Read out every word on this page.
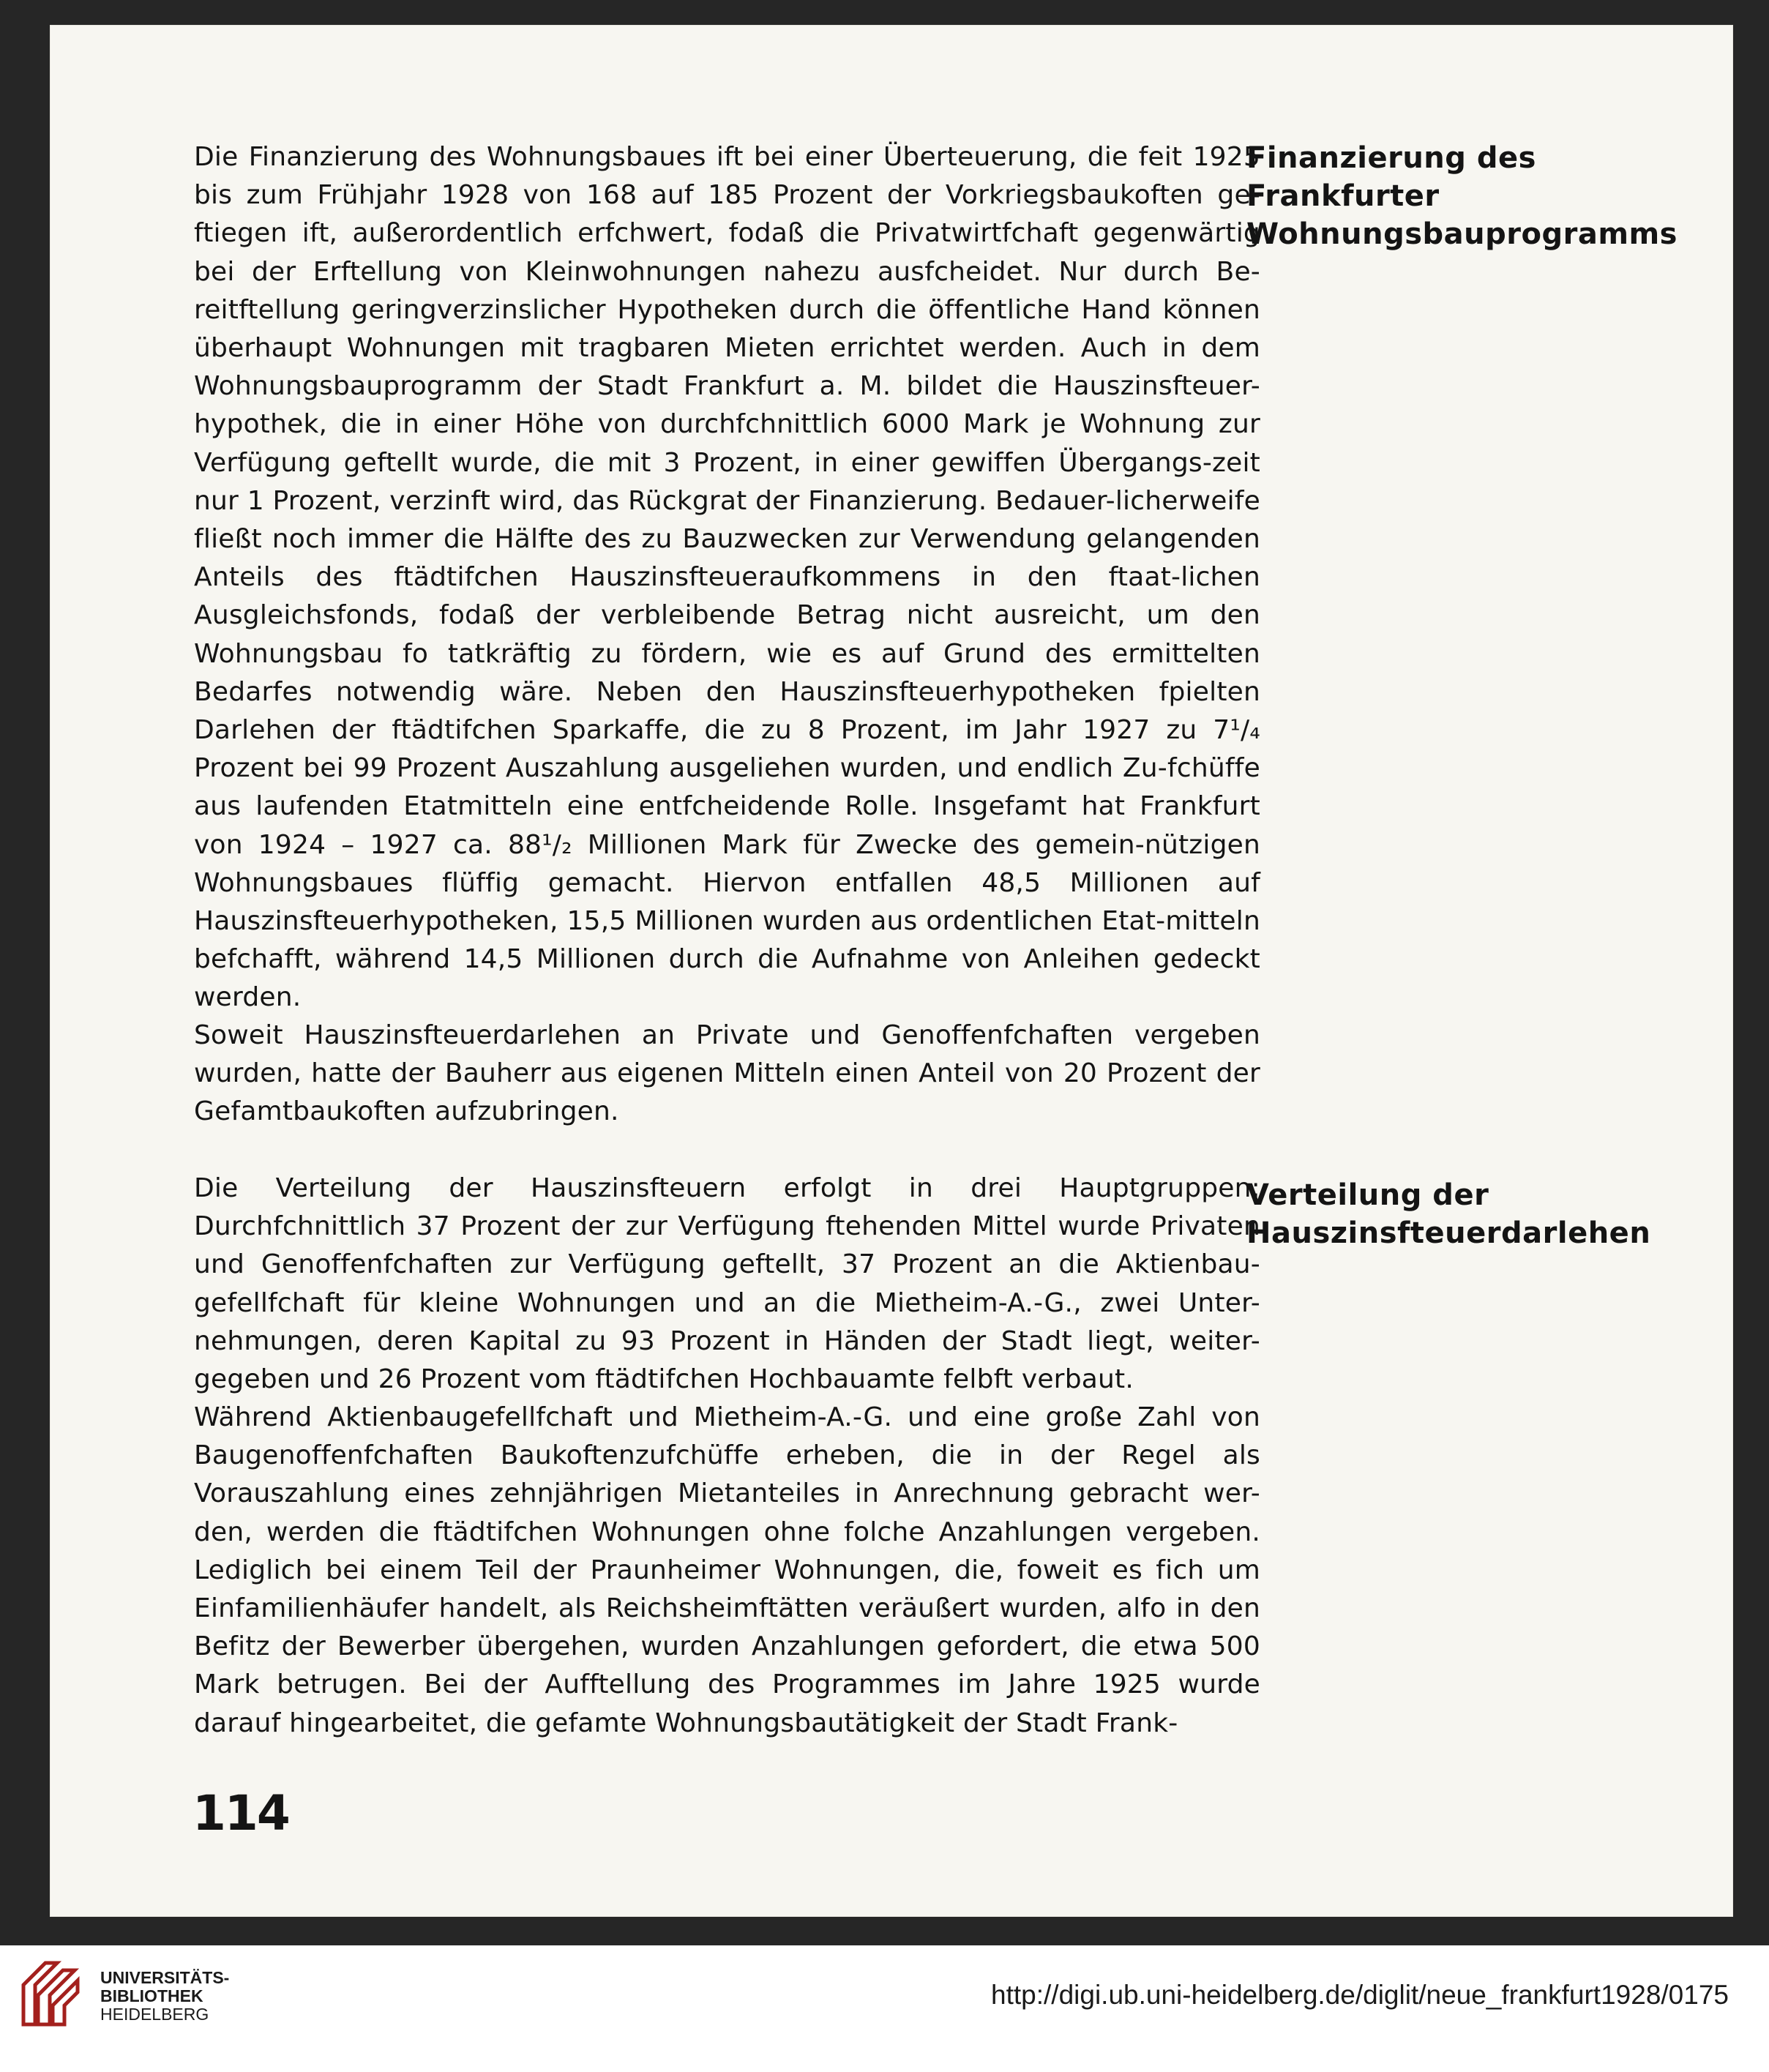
Die Finanzierung des Wohnungsbaues ift bei einer Überteuerung, die feit 1925 bis zum Frühjahr 1928 von 168 auf 185 Prozent der Vorkriegsbaukoften ge-ftiegen ift, außerordentlich erfchwert, fodaß die Privatwirtfchaft gegenwärtig bei der Erftellung von Kleinwohnungen nahezu ausfcheidet. Nur durch Be-reitftellung geringverzinslicher Hypotheken durch die öffentliche Hand können überhaupt Wohnungen mit tragbaren Mieten errichtet werden. Auch in dem Wohnungsbauprogramm der Stadt Frankfurt a. M. bildet die Hauszinsfteuer-hypothek, die in einer Höhe von durchfchnittlich 6000 Mark je Wohnung zur Verfügung geftellt wurde, die mit 3 Prozent, in einer gewiffen Übergangs-zeit nur 1 Prozent, verzinft wird, das Rückgrat der Finanzierung. Bedauer-licherweife fließt noch immer die Hälfte des zu Bauzwecken zur Verwendung gelangenden Anteils des ftädtifchen Hauszinsfteueraufkommens in den ftaat-lichen Ausgleichsfonds, fodaß der verbleibende Betrag nicht ausreicht, um den Wohnungsbau fo tatkräftig zu fördern, wie es auf Grund des ermittelten Bedarfes notwendig wäre. Neben den Hauszinsfteuerhypotheken fpielten Darlehen der ftädtifchen Sparkaffe, die zu 8 Prozent, im Jahr 1927 zu 7¹/₄ Prozent bei 99 Prozent Auszahlung ausgeliehen wurden, und endlich Zu-fchüffe aus laufenden Etatmitteln eine entfcheidende Rolle. Insgefamt hat Frankfurt von 1924 – 1927 ca. 88¹/₂ Millionen Mark für Zwecke des gemein-nützigen Wohnungsbaues flüffig gemacht. Hiervon entfallen 48,5 Millionen auf Hauszinsfteuerhypotheken, 15,5 Millionen wurden aus ordentlichen Etat-mitteln befchafft, während 14,5 Millionen durch die Aufnahme von Anleihen gedeckt werden.

Soweit Hauszinsfteuerdarlehen an Private und Genoffenfchaften vergeben wurden, hatte der Bauherr aus eigenen Mitteln einen Anteil von 20 Prozent der Gefamtbaukoften aufzubringen.

Finanzierung des
Frankfurter
Wohnungsbauprogramms

Die Verteilung der Hauszinsfteuern erfolgt in drei Hauptgruppen: Durchfchnittlich 37 Prozent der zur Verfügung ftehenden Mittel wurde Privaten und Genoffenfchaften zur Verfügung geftellt, 37 Prozent an die Aktienbau-gefellfchaft für kleine Wohnungen und an die Mietheim-A.-G., zwei Unter-nehmungen, deren Kapital zu 93 Prozent in Händen der Stadt liegt, weiter-gegeben und 26 Prozent vom ftädtifchen Hochbauamte felbft verbaut.

Während Aktienbaugefellfchaft und Mietheim-A.-G. und eine große Zahl von Baugenoffenfchaften Baukoftenzufchüffe erheben, die in der Regel als Vorauszahlung eines zehnjährigen Mietanteiles in Anrechnung gebracht wer-den, werden die ftädtifchen Wohnungen ohne folche Anzahlungen vergeben. Lediglich bei einem Teil der Praunheimer Wohnungen, die, foweit es fich um Einfamilienhäufer handelt, als Reichsheimftätten veräußert wurden, alfo in den Befitz der Bewerber übergehen, wurden Anzahlungen gefordert, die etwa 500 Mark betrugen. Bei der Aufftellung des Programmes im Jahre 1925 wurde darauf hingearbeitet, die gefamte Wohnungsbautätigkeit der Stadt Frank-

Verteilung der
Hauszinsfteuerdarlehen
114
UNIVERSITÄTS-
BIBLIOTHEK
HEIDELBERG
http://digi.ub.uni-heidelberg.de/diglit/neue_frankfurt1928/0175
